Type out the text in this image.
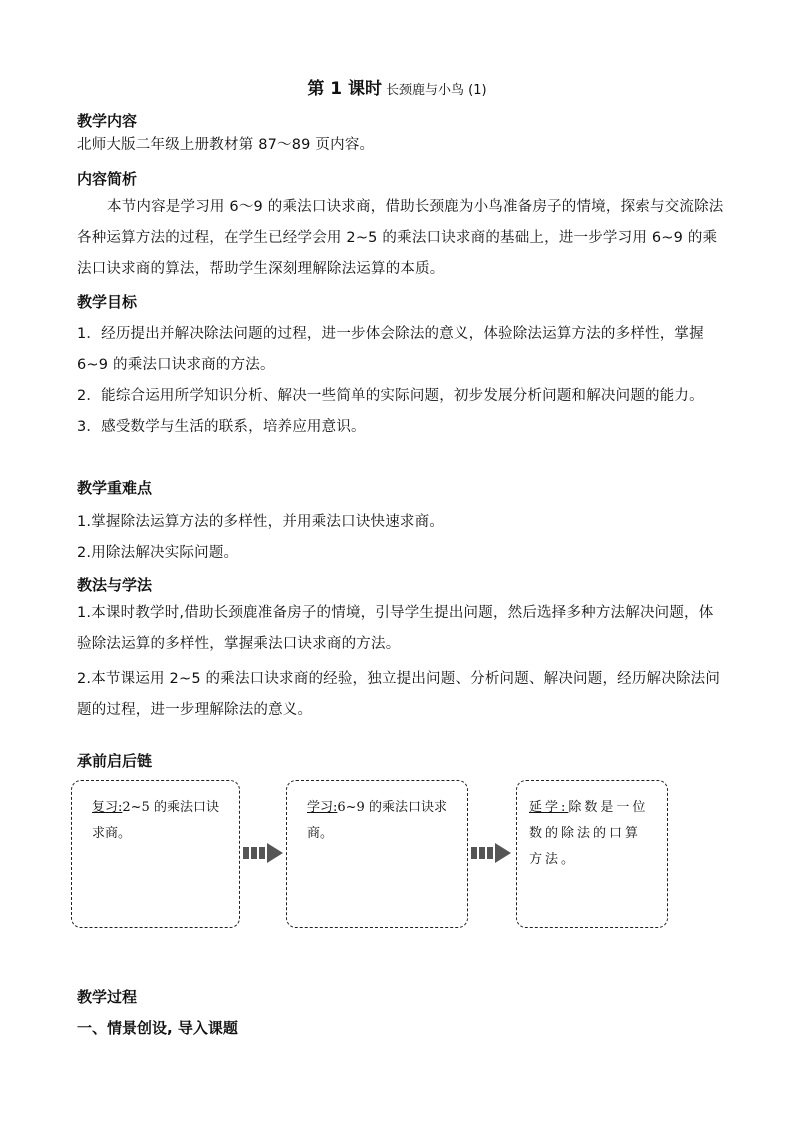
第 1 课时 长颈鹿与小鸟 (1)
教学内容
北师大版二年级上册教材第 87～89 页内容。
内容简析
本节内容是学习用 6～9 的乘法口诀求商，借助长颈鹿为小鸟准备房子的情境，探索与交流除法各种运算方法的过程，在学生已经学会用 2~5 的乘法口诀求商的基础上，进一步学习用 6~9 的乘法口诀求商的算法，帮助学生深刻理解除法运算的本质。
教学目标
1．经历提出并解决除法问题的过程，进一步体会除法的意义，体验除法运算方法的多样性，掌握 6~9 的乘法口诀求商的方法。
2．能综合运用所学知识分析、解决一些简单的实际问题，初步发展分析问题和解决问题的能力。
3．感受数学与生活的联系，培养应用意识。
教学重难点
1.掌握除法运算方法的多样性，并用乘法口诀快速求商。
2.用除法解决实际问题。
教法与学法
1.本课时教学时,借助长颈鹿准备房子的情境，引导学生提出问题，然后选择多种方法解决问题，体验除法运算的多样性，掌握乘法口诀求商的方法。
2.本节课运用 2~5 的乘法口诀求商的经验，独立提出问题、分析问题、解决问题，经历解决除法问题的过程，进一步理解除法的意义。
承前启后链
复习:2~5 的乘法口诀求商。
学习:6~9 的乘法口诀求商。
延学:除数是一位数的除法的口算方法。
教学过程
一、情景创设, 导入课题
